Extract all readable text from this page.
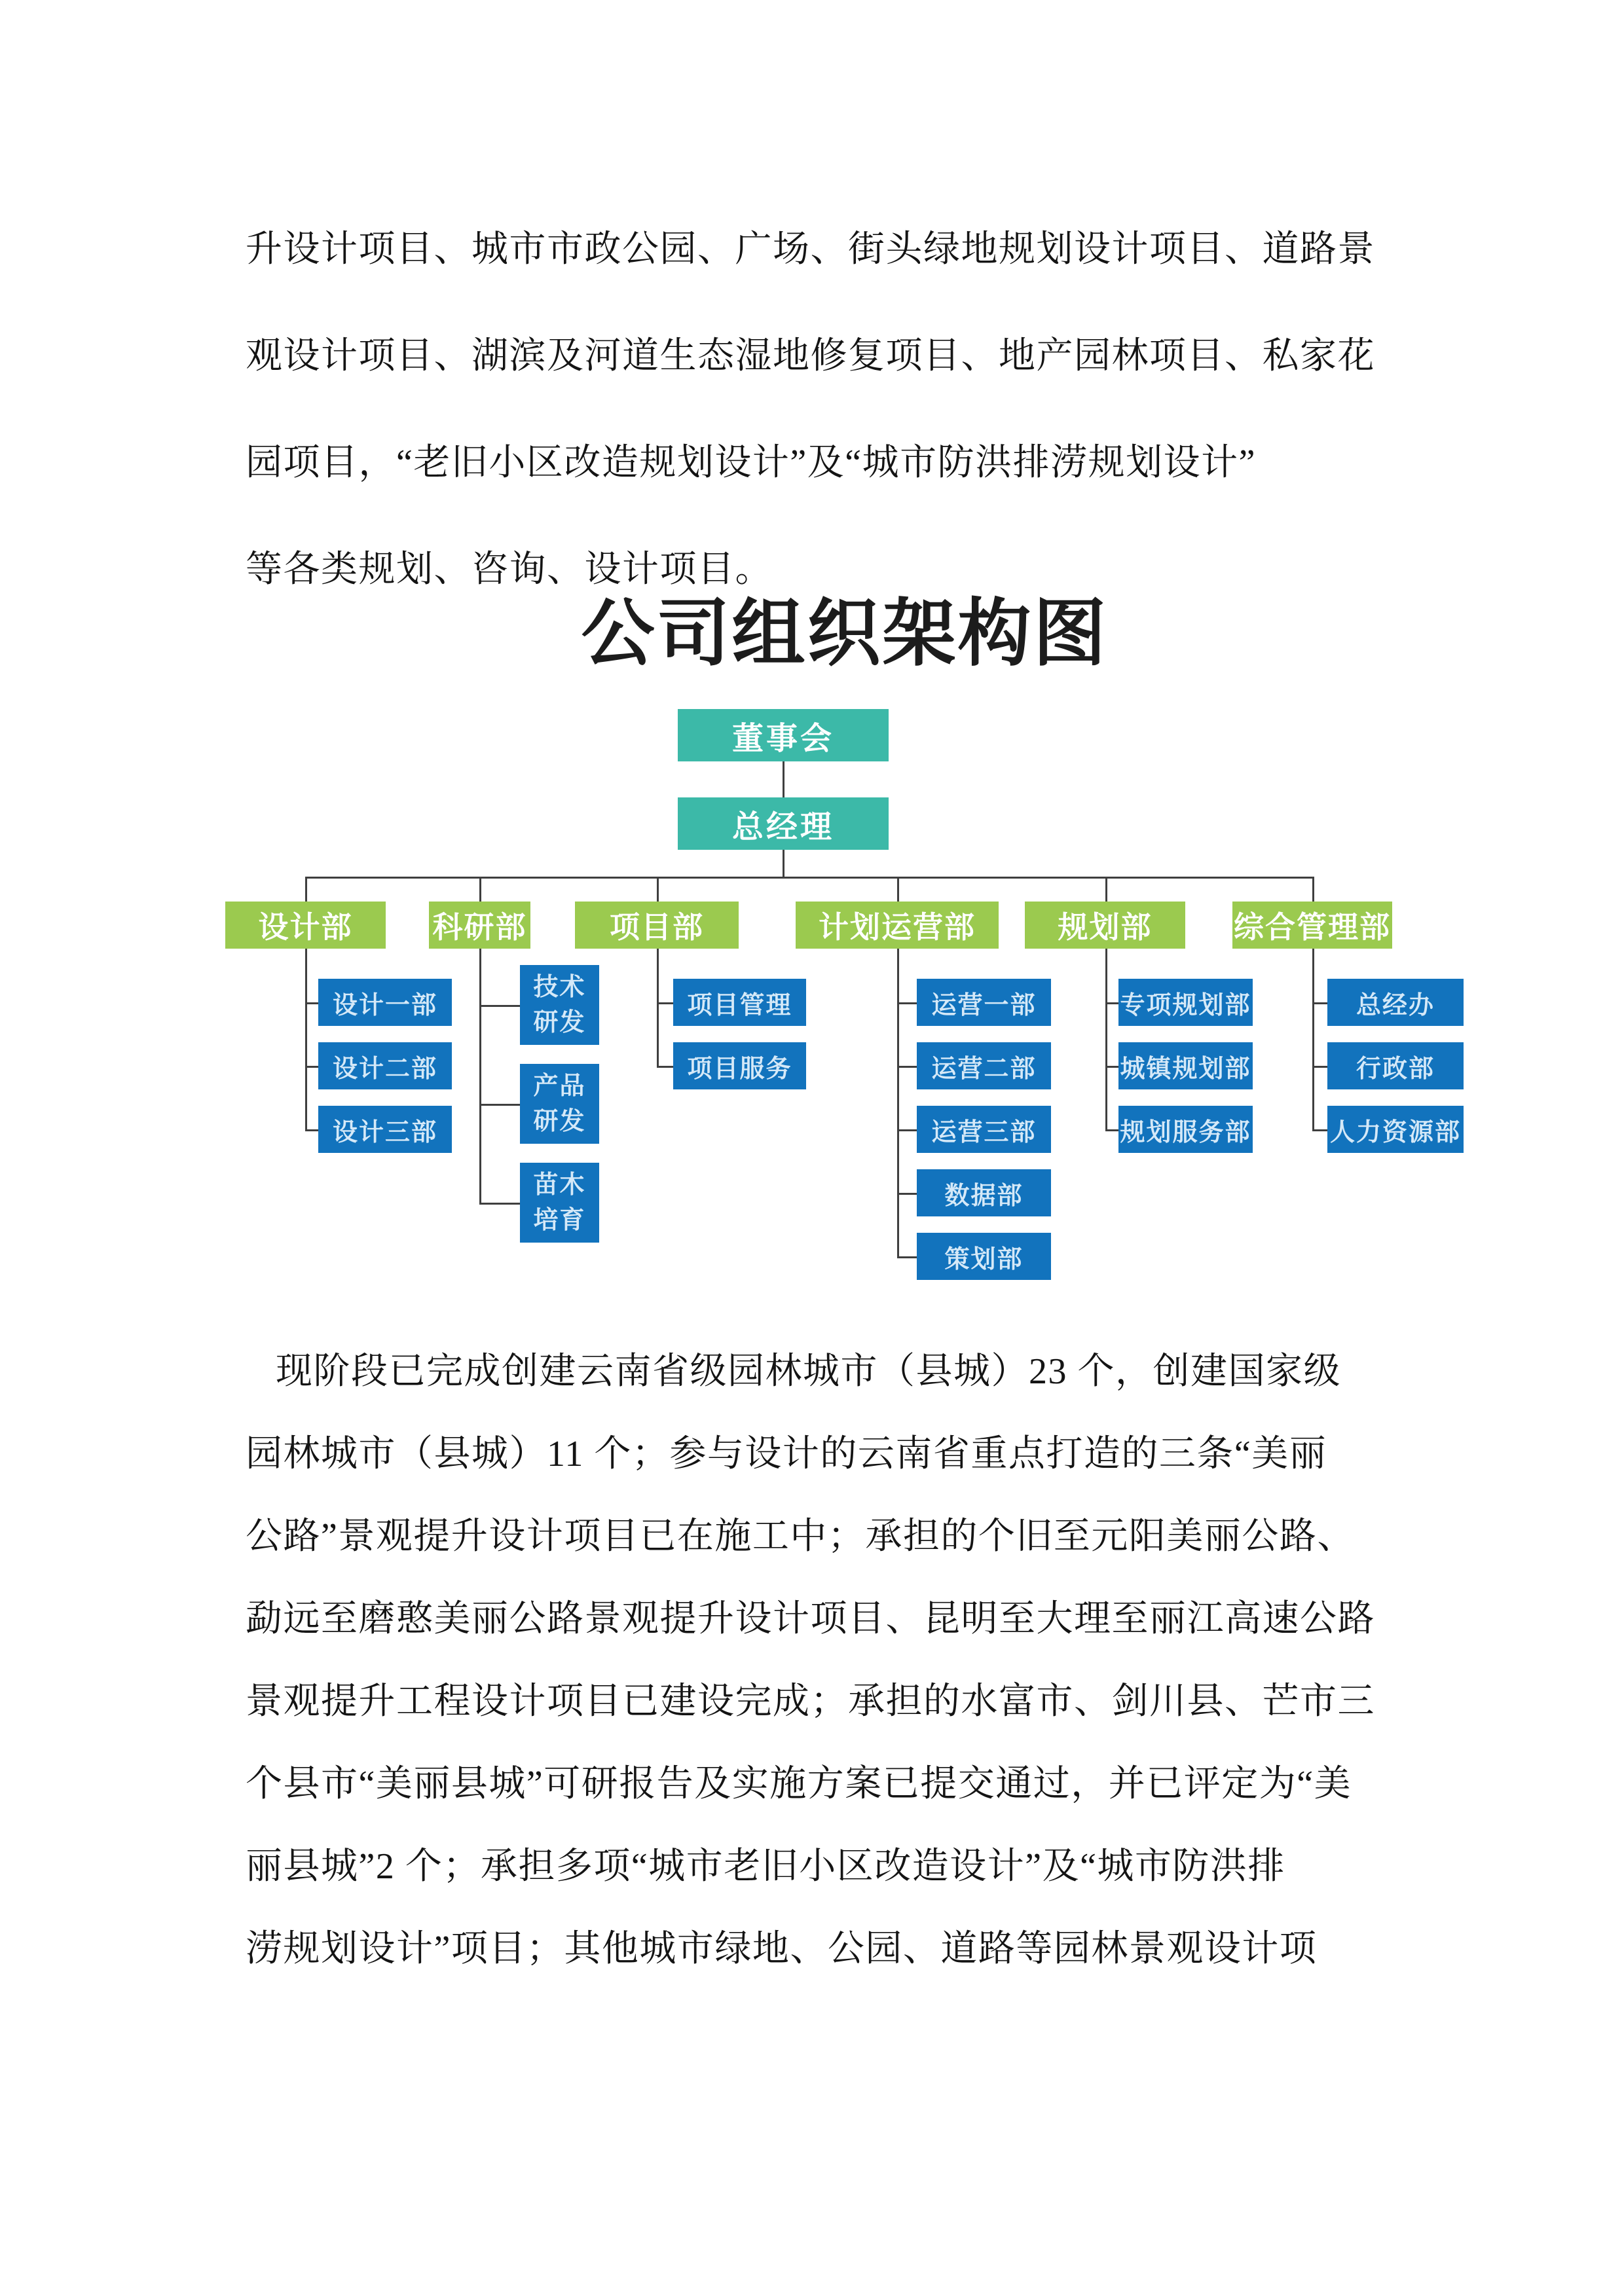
升设计项目、城市市政公园、广场、街头绿地规划设计项目、道路景
观设计项目、湖滨及河道生态湿地修复项目、地产园林项目、私家花
园项目，“老旧小区改造规划设计”及“城市防洪排涝规划设计”
等各类规划、咨询、设计项目。
公司组织架构图
董事会
总经理
设计部	科研部	项目部	计划运营部	规划部	综合管理部
设计一部
设计二部
设计三部
技术
研发
产品
研发
苗木
培育
项目管理
项目服务
运营一部
运营二部
运营三部
数据部
策划部
专项规划部
城镇规划部
规划服务部
总经办
行政部
人力资源部
现阶段已完成创建云南省级园林城市（县城）23 个，创建国家级
园林城市（县城）11 个；参与设计的云南省重点打造的三条“美丽
公路”景观提升设计项目已在施工中；承担的个旧至元阳美丽公路、
勐远至磨憨美丽公路景观提升设计项目、昆明至大理至丽江高速公路
景观提升工程设计项目已建设完成；承担的水富市、剑川县、芒市三
个县市“美丽县城”可研报告及实施方案已提交通过，并已评定为“美
丽县城”2 个；承担多项“城市老旧小区改造设计”及“城市防洪排
涝规划设计”项目；其他城市绿地、公园、道路等园林景观设计项
